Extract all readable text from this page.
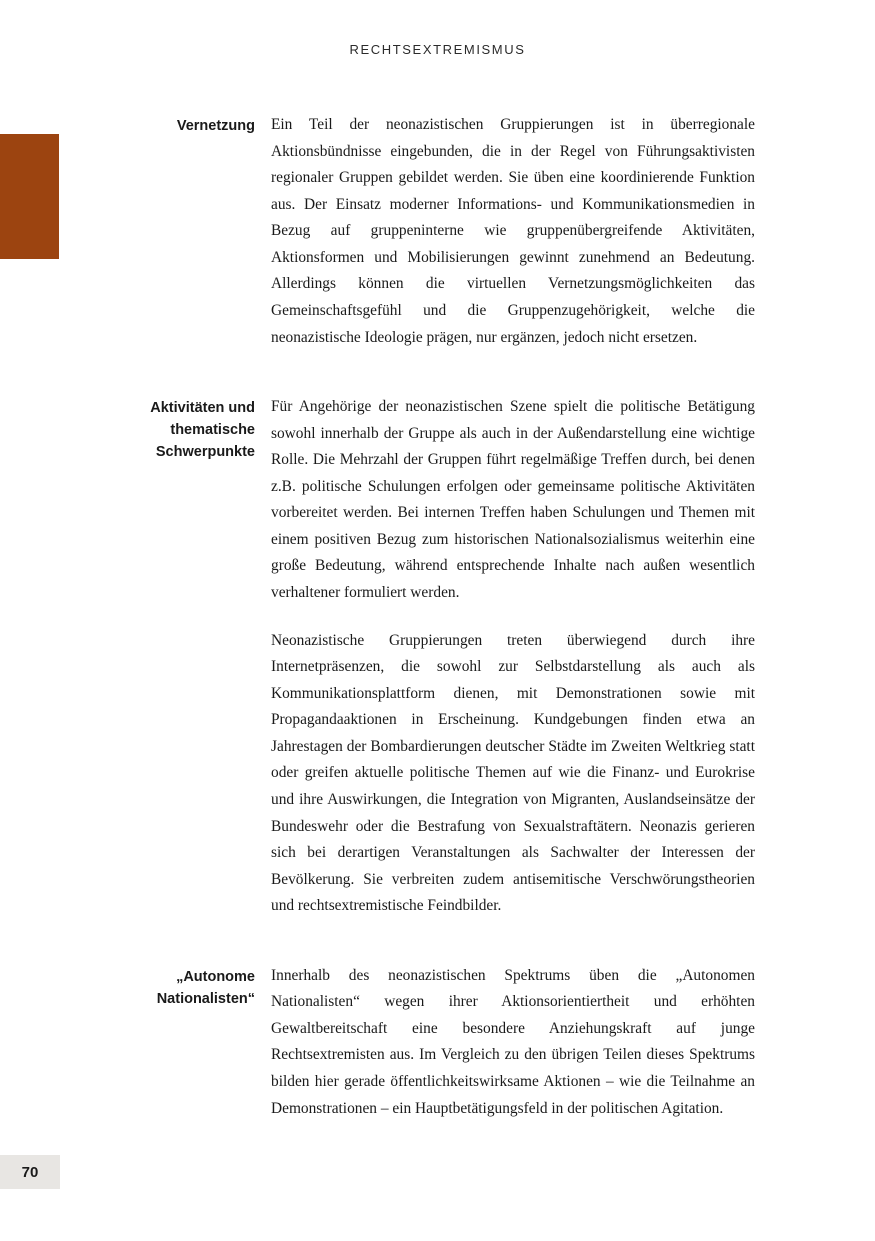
RECHTSEXTREMISMUS
Vernetzung Ein Teil der neonazistischen Gruppierungen ist in überregionale Aktionsbündnisse eingebunden, die in der Regel von Führungsaktivisten regionaler Gruppen gebildet werden. Sie üben eine koordinierende Funktion aus. Der Einsatz moderner Informations- und Kommunikationsmedien in Bezug auf gruppeninterne wie gruppenübergreifende Aktivitäten, Aktionsformen und Mobilisierungen gewinnt zunehmend an Bedeutung. Allerdings können die virtuellen Vernetzungsmöglichkeiten das Gemeinschaftsgefühl und die Gruppenzugehörigkeit, welche die neonazistische Ideologie prägen, nur ergänzen, jedoch nicht ersetzen.
Aktivitäten und thematische Schwerpunkte
Für Angehörige der neonazistischen Szene spielt die politische Betätigung sowohl innerhalb der Gruppe als auch in der Außendarstellung eine wichtige Rolle. Die Mehrzahl der Gruppen führt regelmäßige Treffen durch, bei denen z.B. politische Schulungen erfolgen oder gemeinsame politische Aktivitäten vorbereitet werden. Bei internen Treffen haben Schulungen und Themen mit einem positiven Bezug zum historischen Nationalsozialismus weiterhin eine große Bedeutung, während entsprechende Inhalte nach außen wesentlich verhaltener formuliert werden.
Neonazistische Gruppierungen treten überwiegend durch ihre Internetpräsenzen, die sowohl zur Selbstdarstellung als auch als Kommunikationsplattform dienen, mit Demonstrationen sowie mit Propagandaaktionen in Erscheinung. Kundgebungen finden etwa an Jahrestagen der Bombardierungen deutscher Städte im Zweiten Weltkrieg statt oder greifen aktuelle politische Themen auf wie die Finanz- und Eurokrise und ihre Auswirkungen, die Integration von Migranten, Auslandseinsätze der Bundeswehr oder die Bestrafung von Sexualstraftätern. Neonazis gerieren sich bei derartigen Veranstaltungen als Sachwalter der Interessen der Bevölkerung. Sie verbreiten zudem antisemitische Verschwörungstheorien und rechtsextremistische Feindbilder.
„Autonome Nationalisten“
Innerhalb des neonazistischen Spektrums üben die „Autonomen Nationalisten“ wegen ihrer Aktionsorientiertheit und erhöhten Gewaltbereitschaft eine besondere Anziehungskraft auf junge Rechtsextremisten aus. Im Vergleich zu den übrigen Teilen dieses Spektrums bilden hier gerade öffentlichkeitswirksame Aktionen – wie die Teilnahme an Demonstrationen – ein Hauptbetätigungsfeld in der politischen Agitation.
70
